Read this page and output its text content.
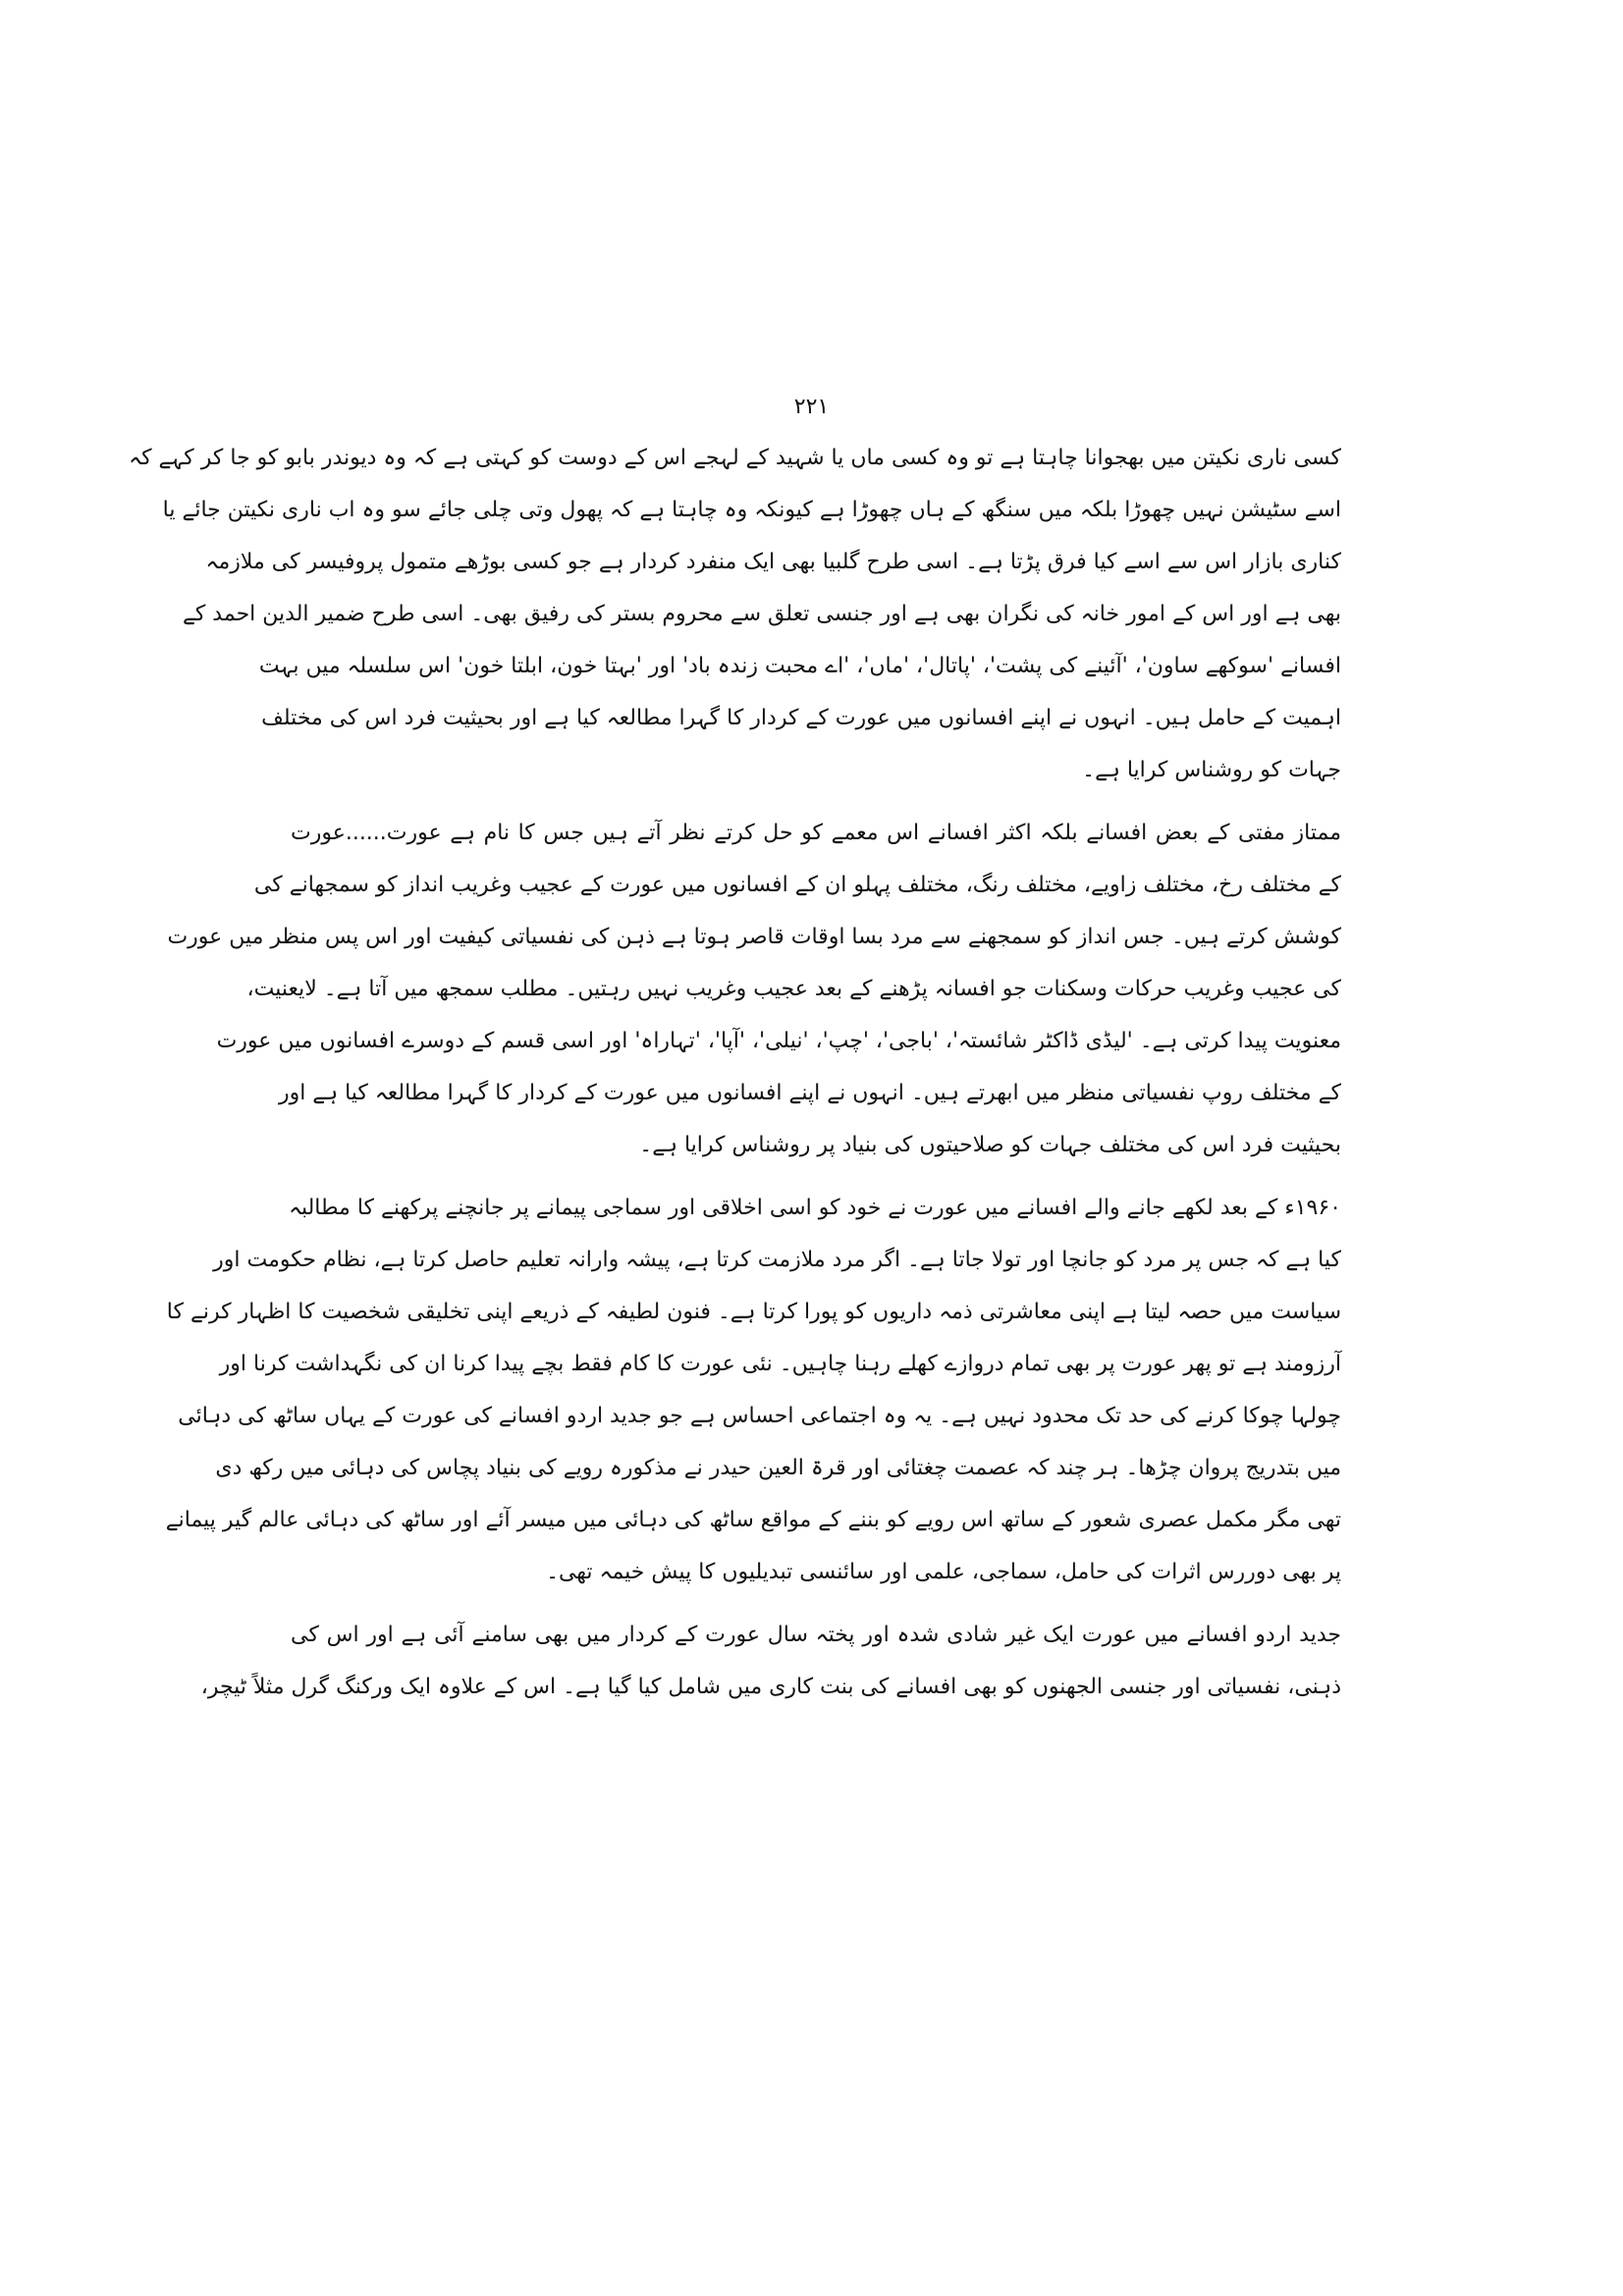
۲۲۱
کسی ناری نکیتن میں بھجوانا چاہتا ہے تو وہ کسی ماں یا شہید کے لہجے اس کے دوست کو کہتی ہے کہ وہ دیوندر بابو کو جا کر کہے کہ
اسے سٹیشن نہیں چھوڑا بلکہ میں سنگھ کے ہاں چھوڑا ہے کیونکہ وہ چاہتا ہے کہ پھول وتی چلی جائے سو وہ اب ناری نکیتن جائے یا
کناری بازار اس سے اسے کیا فرق پڑتا ہے۔ اسی طرح گلبیا بھی ایک منفرد کردار ہے جو کسی بوڑھے متمول پروفیسر کی ملازمہ
بھی ہے اور اس کے امور خانہ کی نگران بھی ہے اور جنسی تعلق سے محروم بستر کی رفیق بھی۔ اسی طرح ضمیر الدین احمد کے
افسانے 'سوکھے ساون'، 'آئینے کی پشت'، 'پاتال'، 'ماں'، 'اے محبت زندہ باد' اور 'بہتا خون، ابلتا خون' اس سلسلہ میں بہت
اہمیت کے حامل ہیں۔ انہوں نے اپنے افسانوں میں عورت کے کردار کا گہرا مطالعہ کیا ہے اور بحیثیت فرد اس کی مختلف
جہات کو روشناس کرایا ہے۔
ممتاز مفتی کے بعض افسانے بلکہ اکثر افسانے اس معمے کو حل کرتے نظر آتے ہیں جس کا نام ہے عورت......عورت
کے مختلف رخ، مختلف زاویے، مختلف رنگ، مختلف پہلو ان کے افسانوں میں عورت کے عجیب وغریب انداز کو سمجھانے کی
کوشش کرتے ہیں۔ جس انداز کو سمجھنے سے مرد بسا اوقات قاصر ہوتا ہے ذہن کی نفسیاتی کیفیت اور اس پس منظر میں عورت
کی عجیب وغریب حرکات وسکنات جو افسانہ پڑھنے کے بعد عجیب وغریب نہیں رہتیں۔ مطلب سمجھ میں آتا ہے۔ لایعنیت،
معنویت پیدا کرتی ہے۔ 'لیڈی ڈاکٹر شائستہ'، 'باجی'، 'چپ'، 'نیلی'، 'آپا'، 'تہاراہ' اور اسی قسم کے دوسرے افسانوں میں عورت
کے مختلف روپ نفسیاتی منظر میں ابھرتے ہیں۔ انہوں نے اپنے افسانوں میں عورت کے کردار کا گہرا مطالعہ کیا ہے اور
بحیثیت فرد اس کی مختلف جہات کو صلاحیتوں کی بنیاد پر روشناس کرایا ہے۔
۱۹۶۰ء کے بعد لکھے جانے والے افسانے میں عورت نے خود کو اسی اخلاقی اور سماجی پیمانے پر جانچنے پرکھنے کا مطالبہ
کیا ہے کہ جس پر مرد کو جانچا اور تولا جاتا ہے۔ اگر مرد ملازمت کرتا ہے، پیشہ وارانہ تعلیم حاصل کرتا ہے، نظام حکومت اور
سیاست میں حصہ لیتا ہے اپنی معاشرتی ذمہ داریوں کو پورا کرتا ہے۔ فنون لطیفہ کے ذریعے اپنی تخلیقی شخصیت کا اظہار کرنے کا
آرزومند ہے تو پھر عورت پر بھی تمام دروازے کھلے رہنا چاہیں۔ نئی عورت کا کام فقط بچے پیدا کرنا ان کی نگہداشت کرنا اور
چولہا چوکا کرنے کی حد تک محدود نہیں ہے۔ یہ وہ اجتماعی احساس ہے جو جدید اردو افسانے کی عورت کے یہاں ساٹھ کی دہائی
میں بتدریج پروان چڑھا۔ ہر چند کہ عصمت چغتائی اور قرۃ العین حیدر نے مذکورہ رویے کی بنیاد پچاس کی دہائی میں رکھ دی
تھی مگر مکمل عصری شعور کے ساتھ اس رویے کو بننے کے مواقع ساٹھ کی دہائی میں میسر آئے اور ساٹھ کی دہائی عالم گیر پیمانے
پر بھی دوررس اثرات کی حامل، سماجی، علمی اور سائنسی تبدیلیوں کا پیش خیمہ تھی۔
جدید اردو افسانے میں عورت ایک غیر شادی شدہ اور پختہ سال عورت کے کردار میں بھی سامنے آئی ہے اور اس کی
ذہنی، نفسیاتی اور جنسی الجھنوں کو بھی افسانے کی بنت کاری میں شامل کیا گیا ہے۔ اس کے علاوہ ایک ورکنگ گرل مثلاً ٹیچر،
